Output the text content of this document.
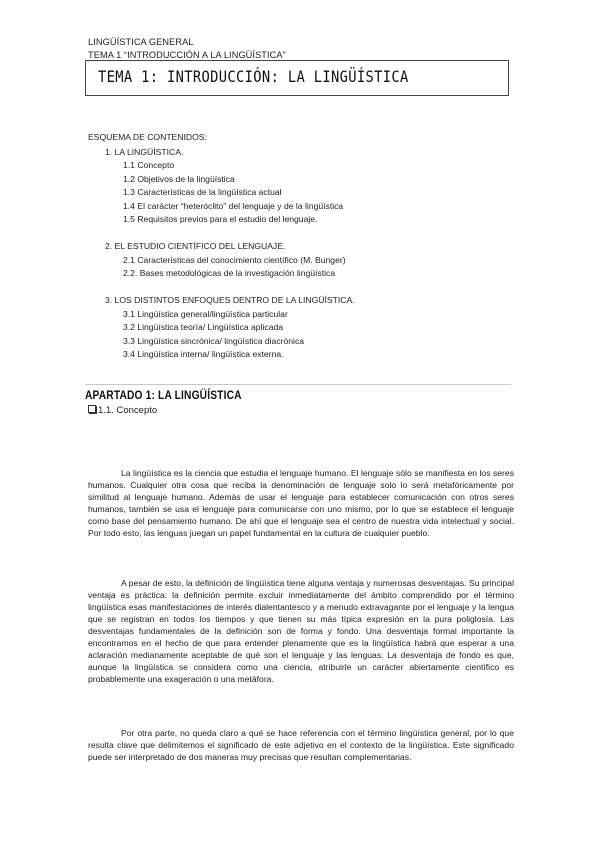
LINGÜÍSTICA GENERAL
TEMA 1 “INTRODUCCIÓN A LA LINGÜÍSTICA”
TEMA 1: INTRODUCCIÓN: LA LINGÜÍSTICA
ESQUEMA DE CONTENIDOS:
1. LA LINGÜÍSTICA.
1.1 Concepto
1.2 Objetivos de la lingüística
1.3 Características de la lingüística actual
1.4 El carácter “heteróclito” del lenguaje y de la lingüística
1.5 Requisitos previos para el estudio del lenguaje.
2. EL ESTUDIO CIENTÍFICO DEL LENGUAJE.
2.1 Características del conocimiento científico (M. Bunger)
2.2. Bases metodológicas de la investigación lingüística
3. LOS DISTINTOS ENFOQUES DENTRO DE LA LINGÜÍSTICA.
3.1 Lingüística general/lingüística particular
3.2 Lingüística teoría/ Lingüística aplicada
3.3 Lingüística sincrónica/ lingüística diacrónica
3.4 Lingüística interna/ lingüística externa.
APARTADO 1: LA LINGÜÍSTICA
1.1. Concepto

La lingüística es la ciencia que estudia el lenguaje humano. El lenguaje sólo se manifiesta en los seres humanos. Cualquier otra cosa que reciba la denominación de lenguaje solo lo será metafóricamente por similitud al lenguaje humano. Además de usar el lenguaje para establecer comunicación con otros seres humanos, también se usa el lenguaje para comunicarse con uno mismo, por lo que se establece el lenguaje como base del pensamiento humano. De ahí que el lenguaje sea el centro de nuestra vida intelectual y social. Por todo esto, las lenguas juegan un papel fundamental en la cultura de cualquier pueblo.

A pesar de esto, la definición de lingüística tiene alguna ventaja y numerosas desventajas. Su principal ventaja es práctica: la definición permite excluir inmediatamente del ámbito comprendido por el término lingüística esas manifestaciones de interés dialentantesco y a menudo extravagante por el lenguaje y la lengua que se registran en todos los tiempos y que tienen su más típica expresión en la pura poliglosía. Las desventajas fundamentales de la definición son de forma y fondo. Una desventaja formal importante la encontramos en el hecho de que para entender plenamente que es la lingüística habrá que esperar a una aclaración medianamente aceptable de qué son el lenguaje y las lenguas. La desventaja de fondo es que, aunque la lingüística se considera como una ciencia, atribuirle un carácter abiertamente científico es probablemente una exageración o una metáfora.

Por otra parte, no queda claro a qué se hace referencia con el término lingüística general, por lo que resulta clave que delimitemos el significado de este adjetivo en el contexto de la lingüística. Este significado puede ser interpretado de dos maneras muy precisas que resultan complementarias.
